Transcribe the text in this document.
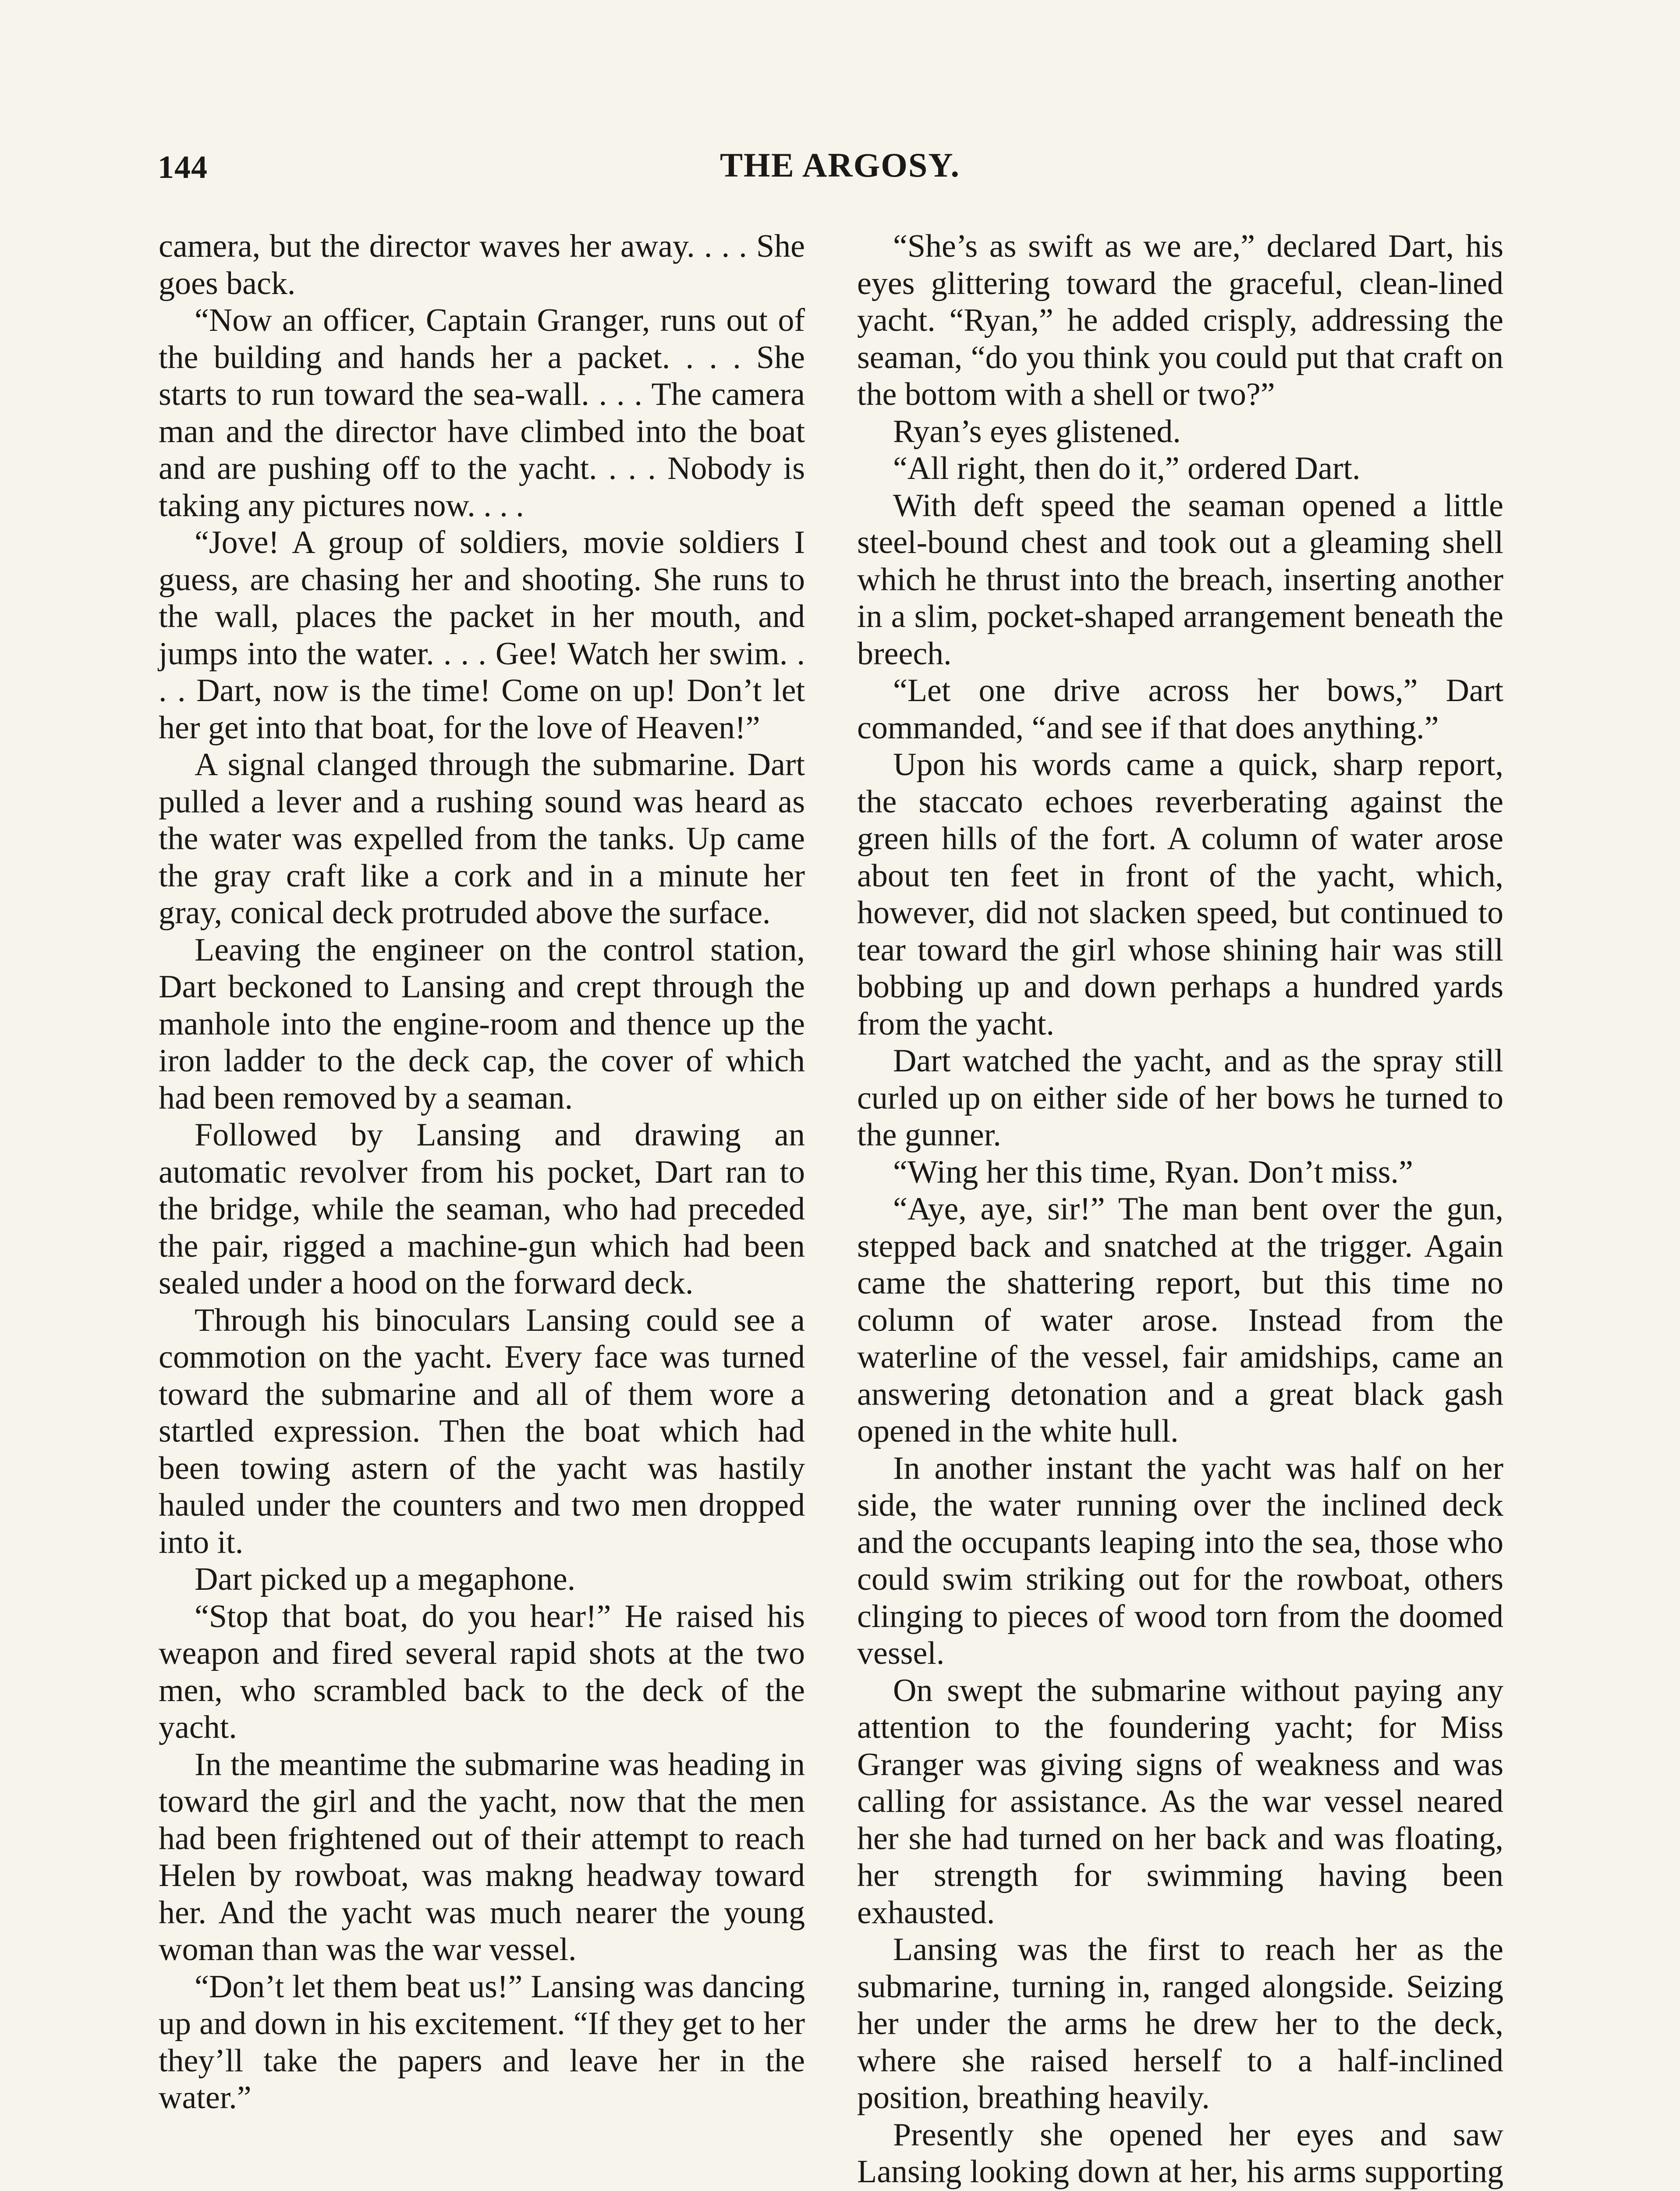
144	THE ARGOSY.

camera, but the director waves her away. . . . She goes back.

“Now an officer, Captain Granger, runs out of the building and hands her a packet. . . . She starts to run toward the sea-wall. . . . The camera man and the director have climbed into the boat and are pushing off to the yacht. . . . Nobody is taking any pictures now. . . .

“Jove! A group of soldiers, movie soldiers I guess, are chasing her and shooting. She runs to the wall, places the packet in her mouth, and jumps into the water. . . . Gee! Watch her swim. . . . Dart, now is the time! Come on up! Don’t let her get into that boat, for the love of Heaven!”

A signal clanged through the submarine. Dart pulled a lever and a rushing sound was heard as the water was expelled from the tanks. Up came the gray craft like a cork and in a minute her gray, conical deck protruded above the surface.

Leaving the engineer on the control station, Dart beckoned to Lansing and crept through the manhole into the engine-room and thence up the iron ladder to the deck cap, the cover of which had been removed by a seaman.

Followed by Lansing and drawing an automatic revolver from his pocket, Dart ran to the bridge, while the seaman, who had preceded the pair, rigged a machine-gun which had been sealed under a hood on the forward deck.

Through his binoculars Lansing could see a commotion on the yacht. Every face was turned toward the submarine and all of them wore a startled expression. Then the boat which had been towing astern of the yacht was hastily hauled under the counters and two men dropped into it.

Dart picked up a megaphone.

“Stop that boat, do you hear!” He raised his weapon and fired several rapid shots at the two men, who scrambled back to the deck of the yacht.

In the meantime the submarine was heading in toward the girl and the yacht, now that the men had been frightened out of their attempt to reach Helen by rowboat, was makng headway toward her. And the yacht was much nearer the young woman than was the war vessel.

“Don’t let them beat us!” Lansing was dancing up and down in his excitement. “If they get to her they’ll take the papers and leave her in the water.”

“She’s as swift as we are,” declared Dart, his eyes glittering toward the graceful, clean-lined yacht. “Ryan,” he added crisply, addressing the seaman, “do you think you could put that craft on the bottom with a shell or two?”

Ryan’s eyes glistened.

“All right, then do it,” ordered Dart.

With deft speed the seaman opened a little steel-bound chest and took out a gleaming shell which he thrust into the breach, inserting another in a slim, pocket-shaped arrangement beneath the breech.

“Let one drive across her bows,” Dart commanded, “and see if that does anything.”

Upon his words came a quick, sharp report, the staccato echoes reverberating against the green hills of the fort. A column of water arose about ten feet in front of the yacht, which, however, did not slacken speed, but continued to tear toward the girl whose shining hair was still bobbing up and down perhaps a hundred yards from the yacht.

Dart watched the yacht, and as the spray still curled up on either side of her bows he turned to the gunner.

“Wing her this time, Ryan. Don’t miss.”

“Aye, aye, sir!” The man bent over the gun, stepped back and snatched at the trigger. Again came the shattering report, but this time no column of water arose. Instead from the waterline of the vessel, fair amidships, came an answering detonation and a great black gash opened in the white hull.

In another instant the yacht was half on her side, the water running over the inclined deck and the occupants leaping into the sea, those who could swim striking out for the rowboat, others clinging to pieces of wood torn from the doomed vessel.

On swept the submarine without paying any attention to the foundering yacht; for Miss Granger was giving signs of weakness and was calling for assistance. As the war vessel neared her she had turned on her back and was floating, her strength for swimming having been exhausted.

Lansing was the first to reach her as the submarine, turning in, ranged alongside. Seizing her under the arms he drew her to the deck, where she raised herself to a half-inclined position, breathing heavily.

Presently she opened her eyes and saw Lansing looking down at her, his arms supporting
